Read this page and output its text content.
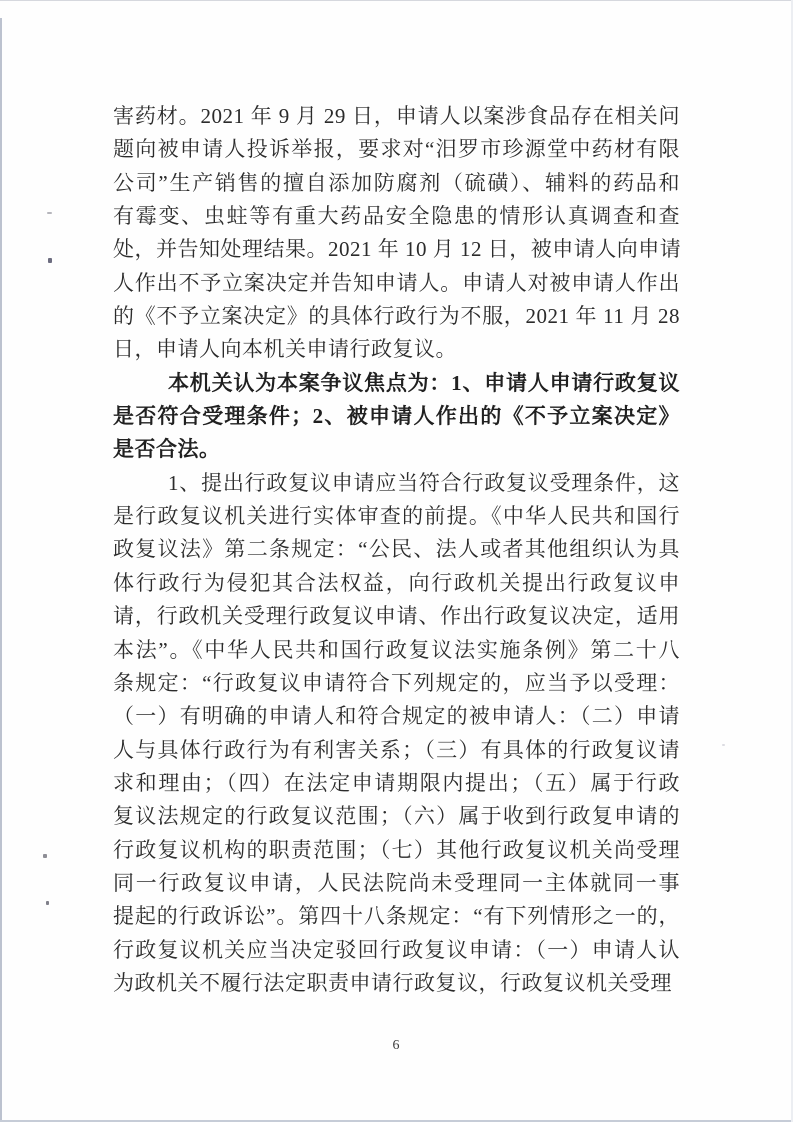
害药材。2021 年 9 月 29 日，申请人以案涉食品存在相关问
题向被申请人投诉举报，要求对“汨罗市珍源堂中药材有限
公司”生产销售的擅自添加防腐剂（硫磺）、辅料的药品和
有霉变、虫蛀等有重大药品安全隐患的情形认真调查和查
处，并告知处理结果。2021 年 10 月 12 日，被申请人向申请
人作出不予立案决定并告知申请人。申请人对被申请人作出
的《不予立案决定》的具体行政行为不服，2021 年 11 月 28
日，申请人向本机关申请行政复议。
本机关认为本案争议焦点为：1、申请人申请行政复议
是否符合受理条件；2、被申请人作出的《不予立案决定》
是否合法。
1、提出行政复议申请应当符合行政复议受理条件，这
是行政复议机关进行实体审查的前提。《中华人民共和国行
政复议法》第二条规定：“公民、法人或者其他组织认为具
体行政行为侵犯其合法权益，向行政机关提出行政复议申
请，行政机关受理行政复议申请、作出行政复议决定，适用
本法”。《中华人民共和国行政复议法实施条例》第二十八
条规定：“行政复议申请符合下列规定的，应当予以受理：
（一）有明确的申请人和符合规定的被申请人：（二）申请
人与具体行政行为有利害关系；（三）有具体的行政复议请
求和理由；（四）在法定申请期限内提出；（五）属于行政
复议法规定的行政复议范围；（六）属于收到行政复申请的
行政复议机构的职责范围；（七）其他行政复议机关尚受理
同一行政复议申请，人民法院尚未受理同一主体就同一事
提起的行政诉讼”。第四十八条规定：“有下列情形之一的，
行政复议机关应当决定驳回行政复议申请：（一）申请人认
为政机关不履行法定职责申请行政复议，行政复议机关受理
6
